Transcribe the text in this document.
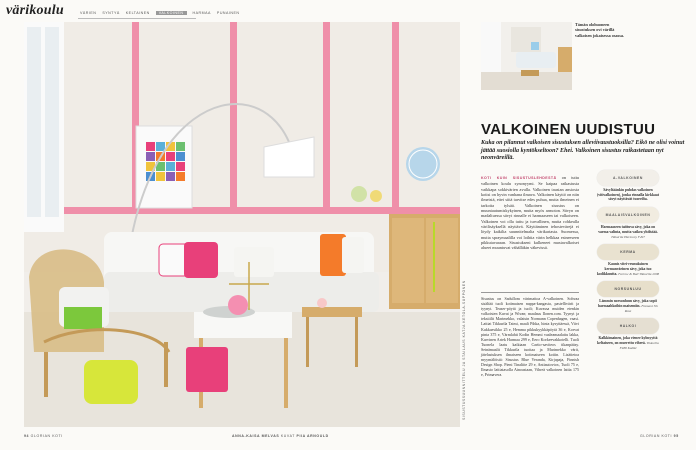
värikoulu	VÄRIEN SYNTYÄ KELTAINEN	VALKOINEN	HARMAA PUNAINEN
SISUSTUSSUUNNITTELU JA STAILAUS KATJA KETOLA-SUPPONEN
Tämän olohuoneen sisustuksen ovi värillä valkoisen jokaisessa osassa.
VALKOINEN UUDISTUU
Kuka on pilannut valkoisen sisustuksen alleviivaustuoksilla? Eikö ne olisi voinut jättää suosiolla kyntökseltoon? Ehei. Valkoinen sisustus raikastetaan nyt neonväreillä.
KOTI KUIN SISUSTUSLEHDESTÄ on tuttu valkoinen koulu synonyymi. Se kaipaa raikastusta vaikkapa sokkivärien avulla. Valkoinen taustan ansiosta kotisi on hyvin vanhana ilmava. Valkoinen käyttö on niin ilmeistä, ettei siitä tarvitse edes puhua, mutta ilmeinen ei tarkoita tylsää. Valkoinen sisustus on muuntautumiskykyinen, mutta myös armoton. Sävyn on madaltuessa sävyt rinnalle ei harmaaseen tai valkoiseen. Valkoinen voi olla tuttu ja turvallinen, mutta rohkealla värilisäyksellä näyttävä. Käyttäminen tehostevärejä ei löydy kaikilta suunnitelmalta värikartasta. Suomessa, mutta spraymaalilla voi loihtia värin helkkaa esineeseen pikkutavaraan. Sisustukseni kulkeneet mustavalkoiset alueet muuntuvat vähälläkin väkevissä.
Sisustus on Sadullom värimattoa A-valkoinen. Sohvaa sisältää tuoli kotimaisen nappa-kangasta, pastellivärit ja tyynyt. Teaser-pöytä ja tuoli; Kuvassa muiden etenkin valkoisten Kuvat ja Wivan; maalaus Ilonen.com. Tyynyt ja tekstiilit Marimekko, valaisin Normann Copenhagen, vaasi. Lattiat Tikkurila Taimi, maali Pihka, hinta kysyttäessä, Viivi Kukkaesikko 25 e, Hemma pikkukyykkäpöytä 36 e, Korvat pinta 375 e, Värmlahti Kodin Hemmi vaaleamaalattu lakka, Karvinen Artek Harmaa 299 e, Eero Korkeevakkotelli. Tuoli Tuonela laatu kaikiaan Cartio-saviteos tikanpääsy. Seinämaalit Tikkurila tuottaa ja Marimekko värit, jätelastuksen ilmaiseen kotimaiseen kotiin. Lisätietoa myymälöistä: Sisustus Blue Veranda, Kirjapaja, Finnish Design Shop. Pieni Tinaliite 29 e, Antiautovtox, Tuoli 75 e, Ilmasto lattiatasolla Ainoastaan, Vihreä valkoinen lattia 175 e, Primavera.
A-VALKOINEN
Sävyltäänkin puhdas valkoinen (vitivalkoinen), jonka rinnalla kirkkaat sävyt näyttävät tuoreilta.
MAALAISVALKOINEN
Harmaaseen taittuva sävy, joka on varma valinta, mutta vaikea yhdistää. Tikkurila Harmony F497
KERMA
Kaunis vitri-reunuksinen kermanvärinen sävy, joka tuo kodikkuutta. Farrow & Ball Tikkurila 2008
NORSUNLUU
Lämmin norsunluun sävy, joka sopii harmaahkoihin maisemiin. Flamant 5th Rose
HALKOI
Kalkkimainen, joka vienee kylmyyttä keltaiseen, on murrettu vihreä. Tikkurila F488 Kalkki
94 GLORIAN KOTI	ANNA-KAISA MELVAS KUVAT PIIA ARNOULD	GLORIAN KOTI 95
